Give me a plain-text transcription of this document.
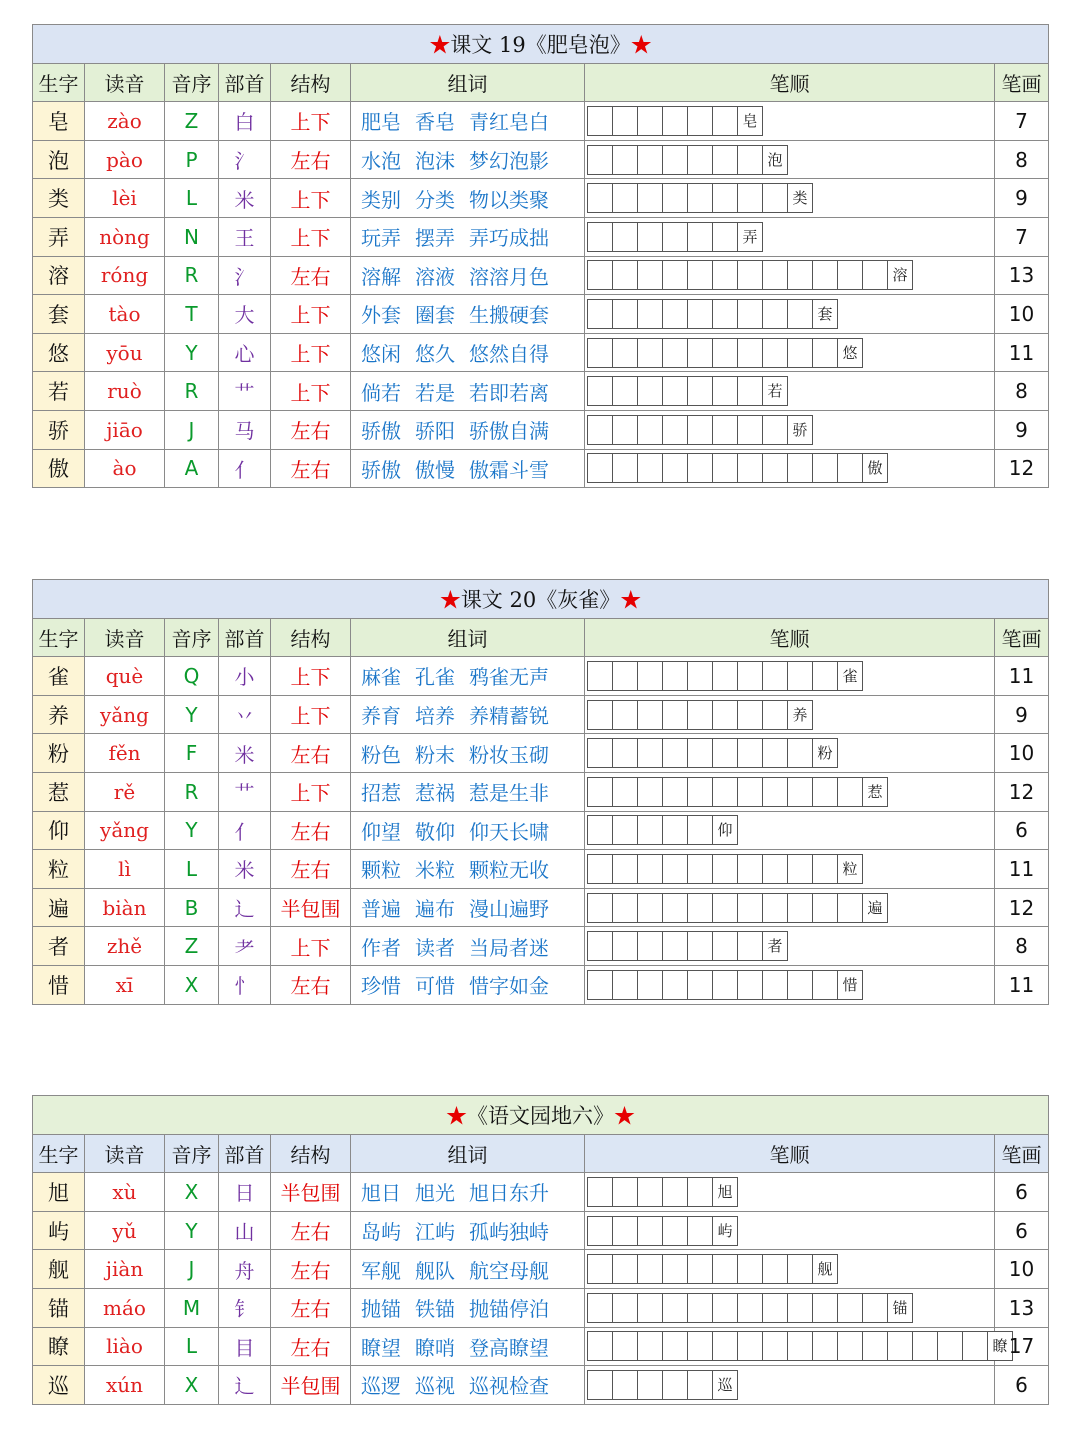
★课文 19《肥皂泡》★							
生字	读音	音序	部首	结构	组词	笔顺	笔画
皂	zào	Z	白	上下	肥皂 香皂 青红皂白	皂	7
泡	pào	P	氵	左右	水泡 泡沫 梦幻泡影	泡	8
类	lèi	L	米	上下	类别 分类 物以类聚	类	9
弄	nòng	N	王	上下	玩弄 摆弄 弄巧成拙	弄	7
溶	róng	R	氵	左右	溶解 溶液 溶溶月色	溶	13
套	tào	T	大	上下	外套 圈套 生搬硬套	套	10
悠	yōu	Y	心	上下	悠闲 悠久 悠然自得	悠	11
若	ruò	R	艹	上下	倘若 若是 若即若离	若	8
骄	jiāo	J	马	左右	骄傲 骄阳 骄傲自满	骄	9
傲	ào	A	亻	左右	骄傲 傲慢 傲霜斗雪	傲	12
★课文 20《灰雀》★							
生字	读音	音序	部首	结构	组词	笔顺	笔画
雀	què	Q	小	上下	麻雀 孔雀 鸦雀无声	雀	11
养	yǎng	Y	丷	上下	养育 培养 养精蓄锐	养	9
粉	fěn	F	米	左右	粉色 粉末 粉妆玉砌	粉	10
惹	rě	R	艹	上下	招惹 惹祸 惹是生非	惹	12
仰	yǎng	Y	亻	左右	仰望 敬仰 仰天长啸	仰	6
粒	lì	L	米	左右	颗粒 米粒 颗粒无收	粒	11
遍	biàn	B	辶	半包围	普遍 遍布 漫山遍野	遍	12
者	zhě	Z	耂	上下	作者 读者 当局者迷	者	8
惜	xī	X	忄	左右	珍惜 可惜 惜字如金	惜	11
★《语文园地六》★							
生字	读音	音序	部首	结构	组词	笔顺	笔画
旭	xù	X	日	半包围	旭日 旭光 旭日东升	旭	6
屿	yǔ	Y	山	左右	岛屿 江屿 孤屿独峙	屿	6
舰	jiàn	J	舟	左右	军舰 舰队 航空母舰	舰	10
锚	máo	M	钅	左右	抛锚 铁锚 抛锚停泊	锚	13
瞭	liào	L	目	左右	瞭望 瞭哨 登高瞭望	瞭	17
巡	xún	X	辶	半包围	巡逻 巡视 巡视检查	巡	6
